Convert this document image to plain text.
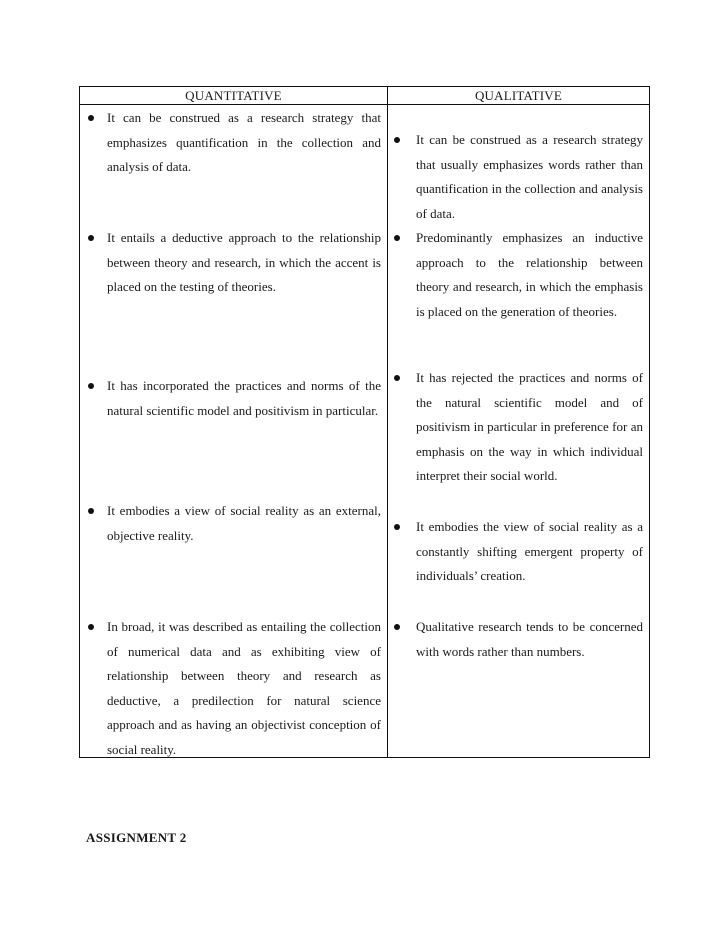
QUANTITATIVE
It can be construed as a research strategy that emphasizes quantification in the collection and analysis of data.
It entails a deductive approach to the relationship between theory and research, in which the accent is placed on the testing of theories.
It has incorporated the practices and norms of the natural scientific model and positivism in particular.
It embodies a view of social reality as an external, objective reality.
In broad, it was described as entailing the collection of numerical data and as exhibiting view of relationship between theory and research as deductive, a predilection for natural science approach and as having an objectivist conception of social reality.
QUALITATIVE
It can be construed as a research strategy that usually emphasizes words rather than quantification in the collection and analysis of data.
Predominantly emphasizes an inductive approach to the relationship between theory and research, in which the emphasis is placed on the generation of theories.
It has rejected the practices and norms of the natural scientific model and of positivism in particular in preference for an emphasis on the way in which individual interpret their social world.
It embodies the view of social reality as a constantly shifting emergent property of individuals’ creation.
Qualitative research tends to be concerned with words rather than numbers.
ASSIGNMENT 2
